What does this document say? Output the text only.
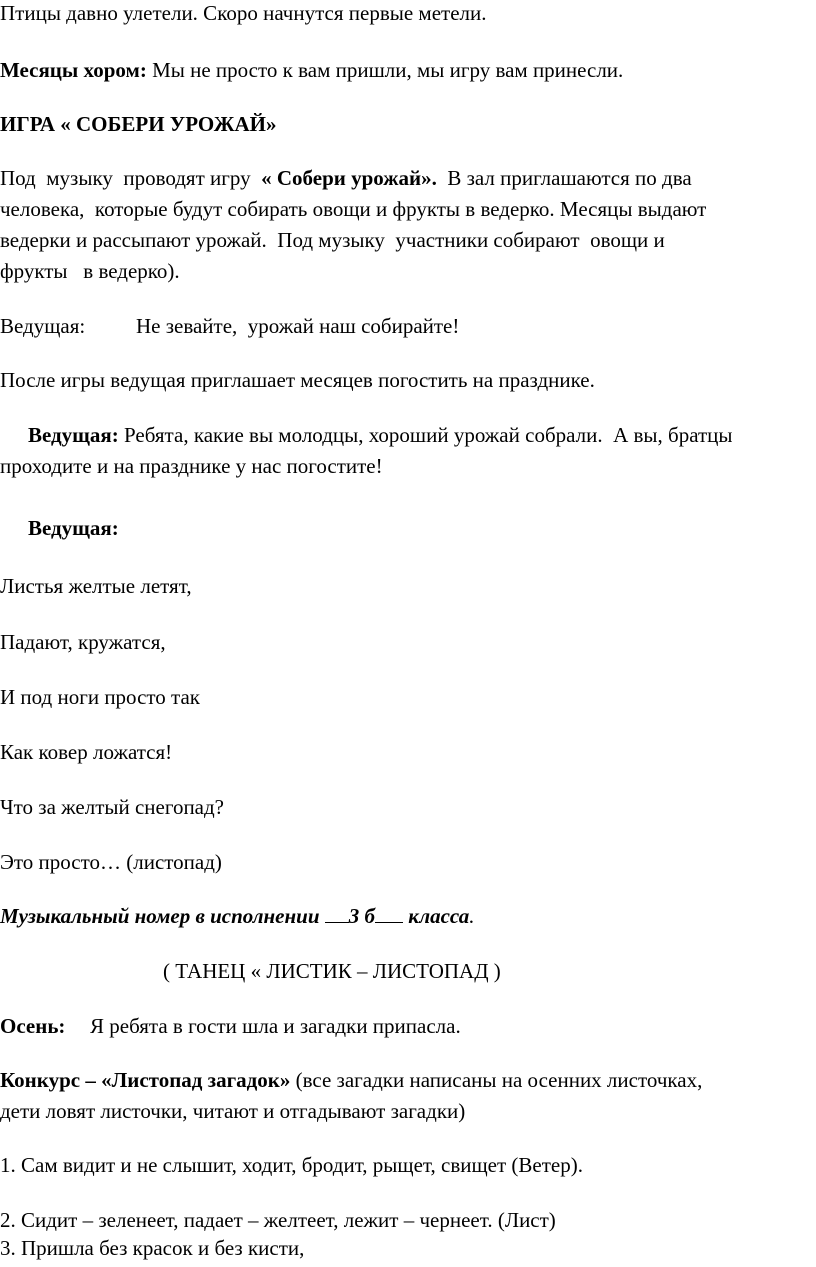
Птицы давно улетели. Скоро начнутся первые метели.

Месяцы хором: Мы не просто к вам пришли, мы игру вам принесли.

ИГРА « СОБЕРИ УРОЖАЙ»

Под  музыку  проводят игру  « Собери урожай».  В зал приглашаются по два

человека,  которые будут собирать овощи и фрукты в ведерко. Месяцы выдают

ведерки и рассыпают урожай.  Под музыку  участники собирают  овощи и

фрукты   в ведерко).

Ведущая: Не зевайте,  урожай наш собирайте!

После игры ведущая приглашает месяцев погостить на празднике.

Ведущая: Ребята, какие вы молодцы, хороший урожай собрали.  А вы, братцы

проходите и на празднике у нас погостите!

Ведущая:

Листья желтые летят,

Падают, кружатся,

И под ноги просто так

Как ковер ложатся!

Что за желтый снегопад?

Это просто… (листопад)

Музыкальный номер в исполнении 3 б класса.

( ТАНЕЦ « ЛИСТИК – ЛИСТОПАД )

Осень: Я ребята в гости шла и загадки припасла.

Конкурс – «Листопад загадок» (все загадки написаны на осенних листочках,

дети ловят листочки, читают и отгадывают загадки)

1. Сам видит и не слышит, ходит, бродит, рыщет, свищет (Ветер).

2. Сидит – зеленеет, падает – желтеет, лежит – чернеет. (Лист)

3. Пришла без красок и без кисти,
